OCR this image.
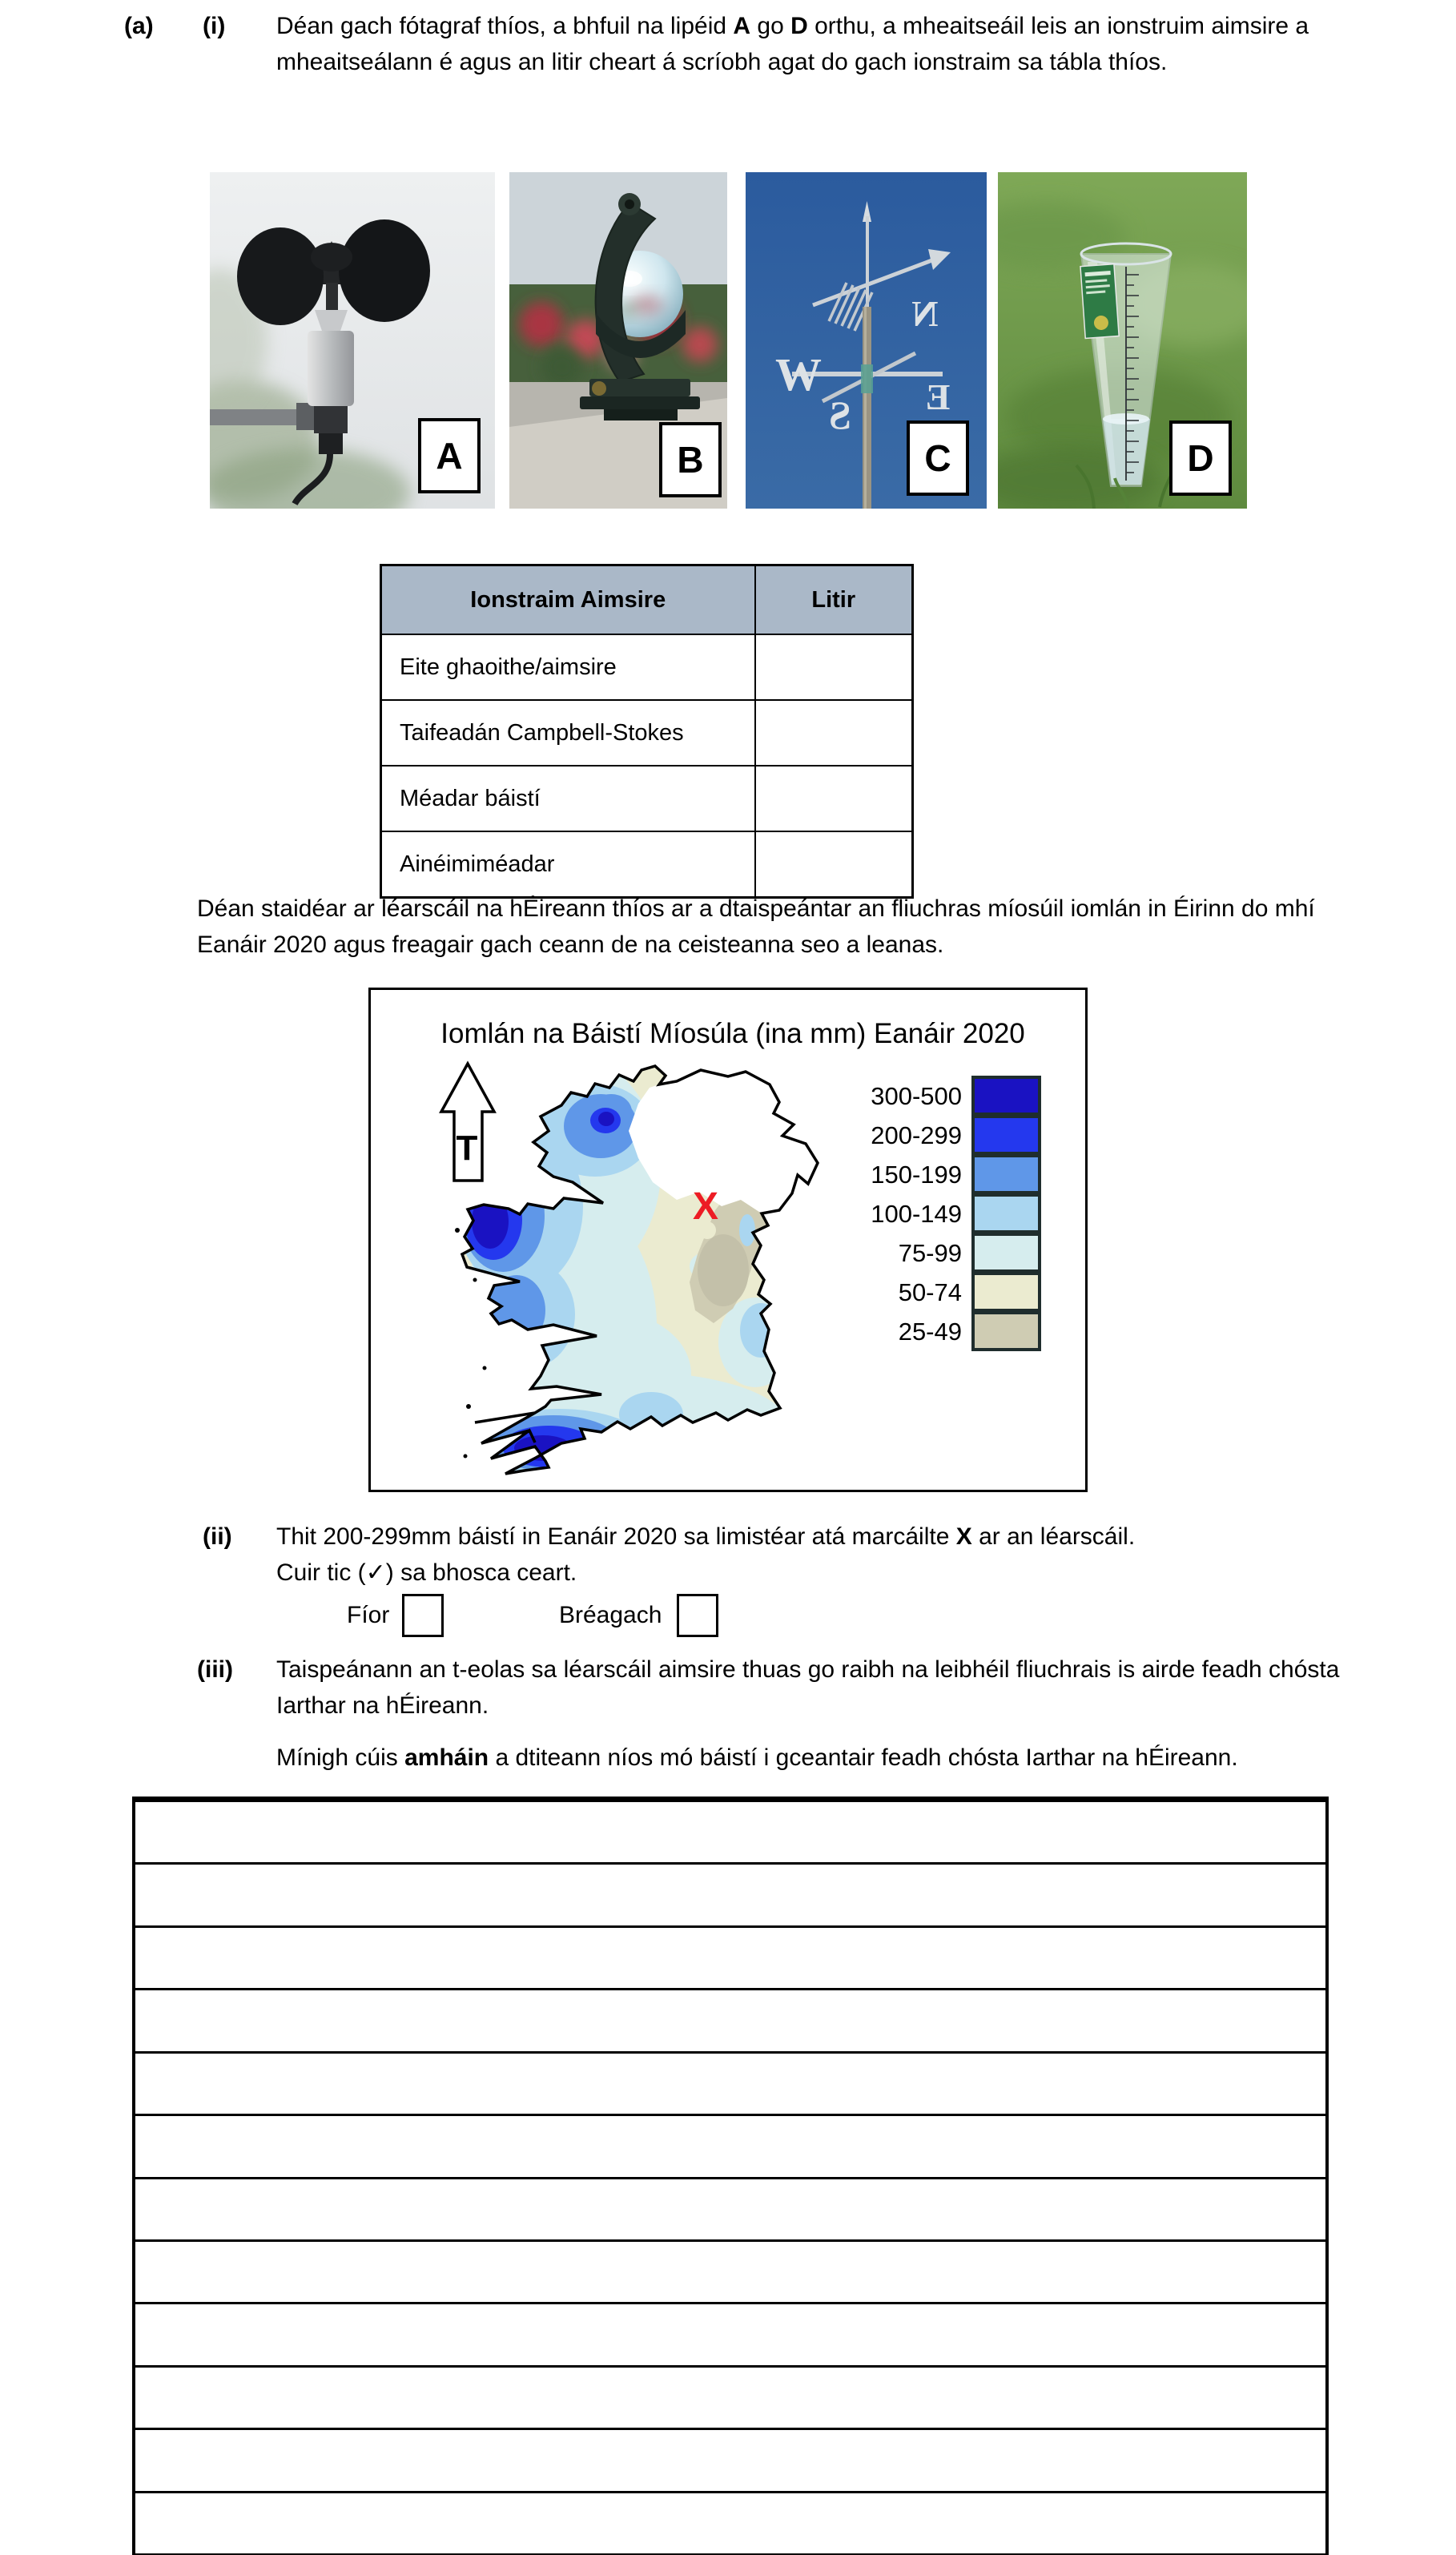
(a) (i) Déan gach fótagraf thíos, a bhfuil na lipéid A go D orthu, a mheaitseáil leis an ionstruim aimsire a mheaitseálann é agus an litir cheart á scríobh agat do gach ionstraim sa tábla thíos.
W
N
E
S
A	B	C	D
Ionstraim Aimsire	Litir
Eite ghaoithe/aimsire	
Taifeadán Campbell-Stokes	
Méadar báistí	
Ainéimiméadar	
Déan staidéar ar léarscáil na hÉireann thíos ar a dtaispeántar an fliuchras míosúil iomlán in Éirinn do mhí Eanáir 2020 agus freagair gach ceann de na ceisteanna seo a leanas.
Iomlán na Báistí Míosúla (ina mm) Eanáir 2020
T
X
300-500
200-299
150-199
100-149
75-99
50-74
25-49
(ii) Thit 200-299mm báistí in Eanáir 2020 sa limistéar atá marcáilte X ar an léarscáil.
Cuir tic (✓) sa bhosca ceart.
Fíor	Bréagach
(iii) Taispeánann an t-eolas sa léarscáil aimsire thuas go raibh na leibhéil fliuchrais is airde feadh chósta Iarthar na hÉireann.
Mínigh cúis amháin a dtiteann níos mó báistí i gceantair feadh chósta Iarthar na hÉireann.
